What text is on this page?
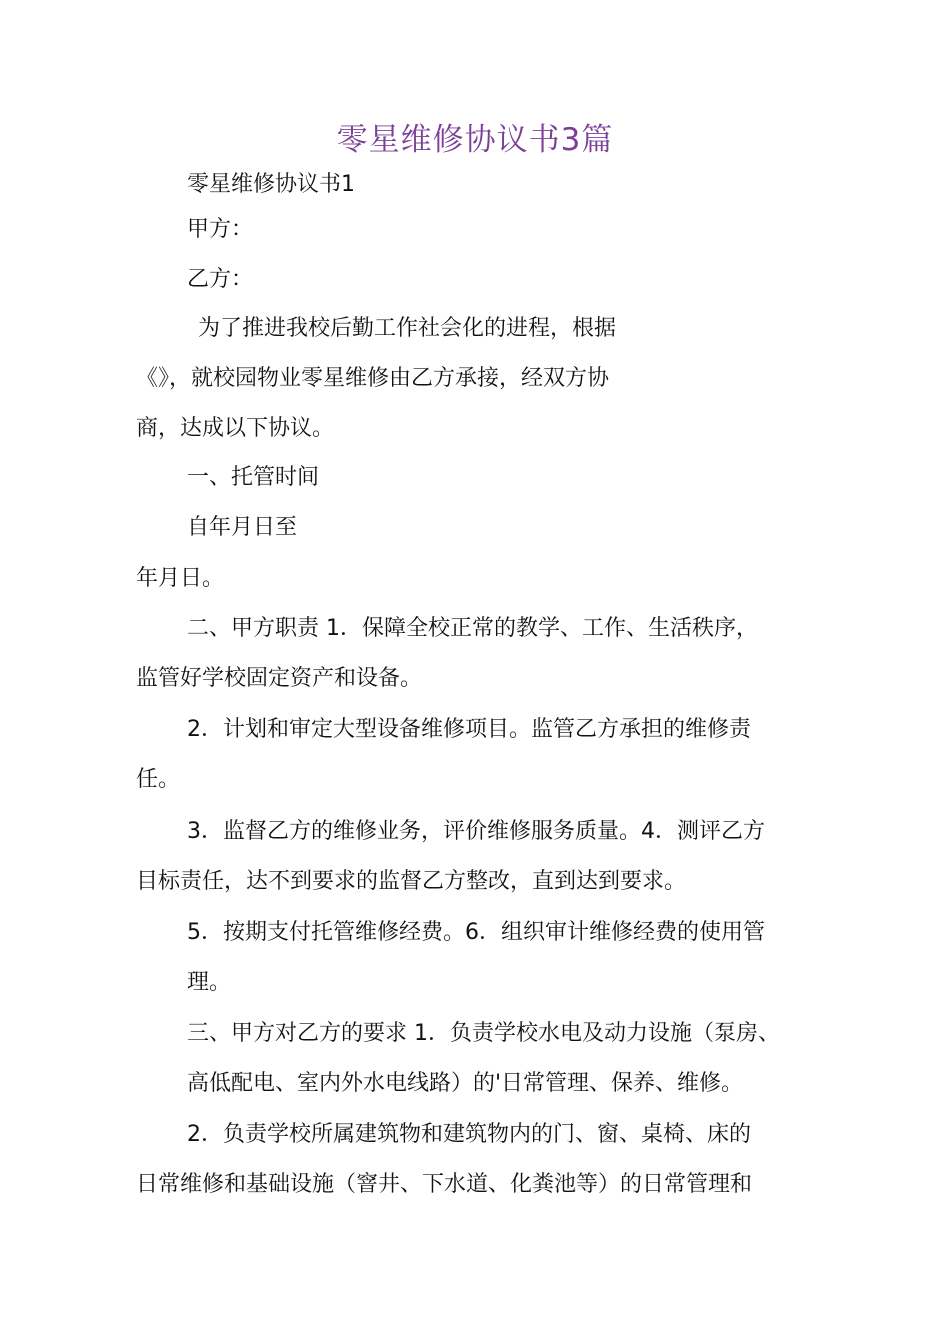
零星维修协议书3篇
零星维修协议书1
甲方：
乙方：
为了推进我校后勤工作社会化的进程，根据
《》，就校园物业零星维修由乙方承接，经双方协
商，达成以下协议。
一、托管时间
自年月日至
年月日。
二、甲方职责 1．保障全校正常的教学、工作、生活秩序，
监管好学校固定资产和设备。
2．计划和审定大型设备维修项目。监管乙方承担的维修责
任。
3．监督乙方的维修业务，评价维修服务质量。4．测评乙方
目标责任，达不到要求的监督乙方整改，直到达到要求。
5．按期支付托管维修经费。6．组织审计维修经费的使用管
理。
三、甲方对乙方的要求 1．负责学校水电及动力设施（泵房、
高低配电、室内外水电线路）的'日常管理、保养、维修。
2．负责学校所属建筑物和建筑物内的门、窗、桌椅、床的
日常维修和基础设施（窨井、下水道、化粪池等）的日常管理和
